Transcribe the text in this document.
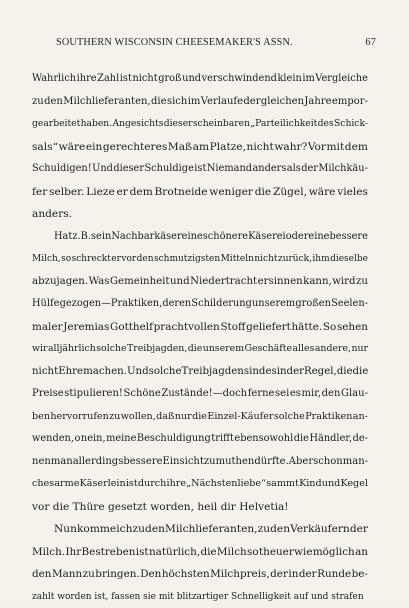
SOUTHERN WISCONSIN CHEESEMAKER'S ASSN.	67
Wahrlich ihre Zahl ist nicht groß und verschwindend klein im Vergleiche
zu den Milchlieferanten, die sich im Verlaufe der gleichen Jahre empor-
gearbeitet haben. Angesichts dieser scheinbaren „Parteilichkeit des Schick-
sals“ wäre ein gerechteres Maß am Platze, nicht wahr? Vor mit dem
Schuldigen! Und dieser Schuldige ist Niemand anders als der Milchkäu-
fer selber. Lieze er dem Brotneide weniger die Zügel, wäre vieles
anders.
Hat z. B. sein Nachbarkäser eine schönere Käserei oder eine bessere
Milch, so schreckt er vor den schmutzigsten Mitteln nicht zurück, ihm dieselbe
abzujagen. Was Gemeinheit und Niedertracht ersinnen kann, wird zu
Hülfe gezogen—Praktiken, deren Schilderung unserem großen Seelen-
maler Jeremias Gotthelf prachtvollen Stoff geliefert hätte. So sehen
wir alljährlich solche Treibjagden, die unserem Geschäfte alles andere, nur
nicht Ehre machen. Und solche Treibjagden sind es in der Regel, die die
Preise stipulieren! Schöne Zustände!—doch ferne sei es mir, den Glau-
ben hervorrufen zu wollen, daß nur die Einzel-Käufer solche Praktiken an-
wenden, o nein, meine Beschuldigung trifft ebensowohl die Händler, de-
nen man allerdings bessere Einsicht zumuthen dürfte. Aber schon man-
ches arme Käserlein ist durch ihre „Nächstenliebe“ sammt Kind und Kegel
vor die Thüre gesetzt worden, heil dir Helvetia!
Nun komme ich zu den Milchlieferanten, zu den Verkäufern der
Milch. Ihr Bestreben ist natürlich, die Milch so theuer wie möglich an
den Mann zu bringen. Den höchsten Milchpreis, der in der Runde be-
zahlt worden ist, fassen sie mit blitzartiger Schnelligkeit auf und strafen
